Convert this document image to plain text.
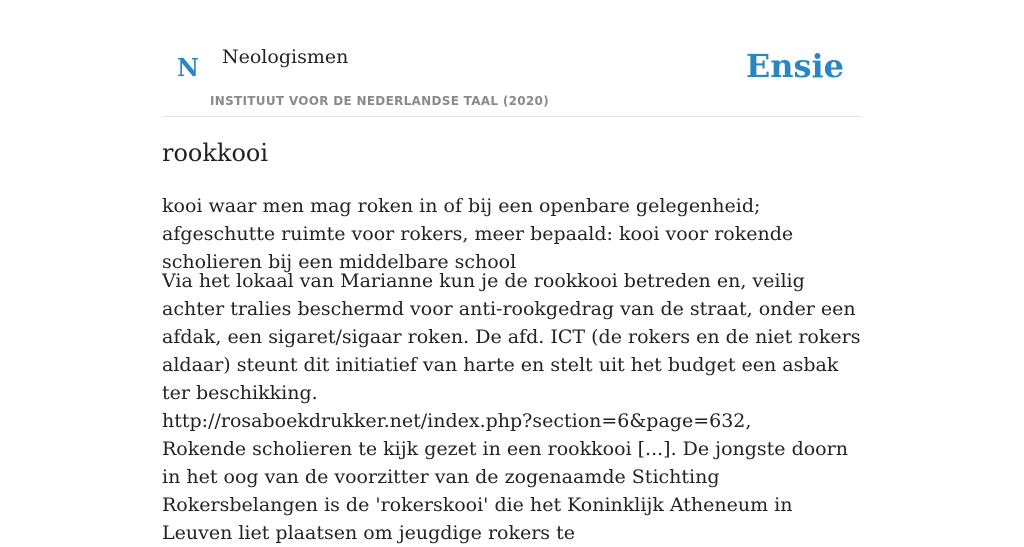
N Neologismen
INSTITUUT VOOR DE NEDERLANDSE TAAL (2020)
Ensie
rookkooi

kooi waar men mag roken in of bij een openbare gelegenheid; afgeschutte ruimte voor rokers, meer bepaald: kooi voor rokende scholieren bij een middelbare school

Via het lokaal van Marianne kun je de rookkooi betreden en, veilig achter tralies beschermd voor anti-rookgedrag van de straat, onder een afdak, een sigaret/sigaar roken. De afd. ICT (de rokers en de niet rokers aldaar) steunt dit initiatief van harte en stelt uit het budget een asbak ter beschikking.
http://rosaboekdrukker.net/index.php?section=6&page=632,

Rokende scholieren te kijk gezet in een rookkooi [...]. De jongste doorn in het oog van de voorzitter van de zogenaamde Stichting Rokersbelangen is de 'rokerskooi' die het Koninklijk Atheneum in Leuven liet plaatsen om jeugdige rokers te
